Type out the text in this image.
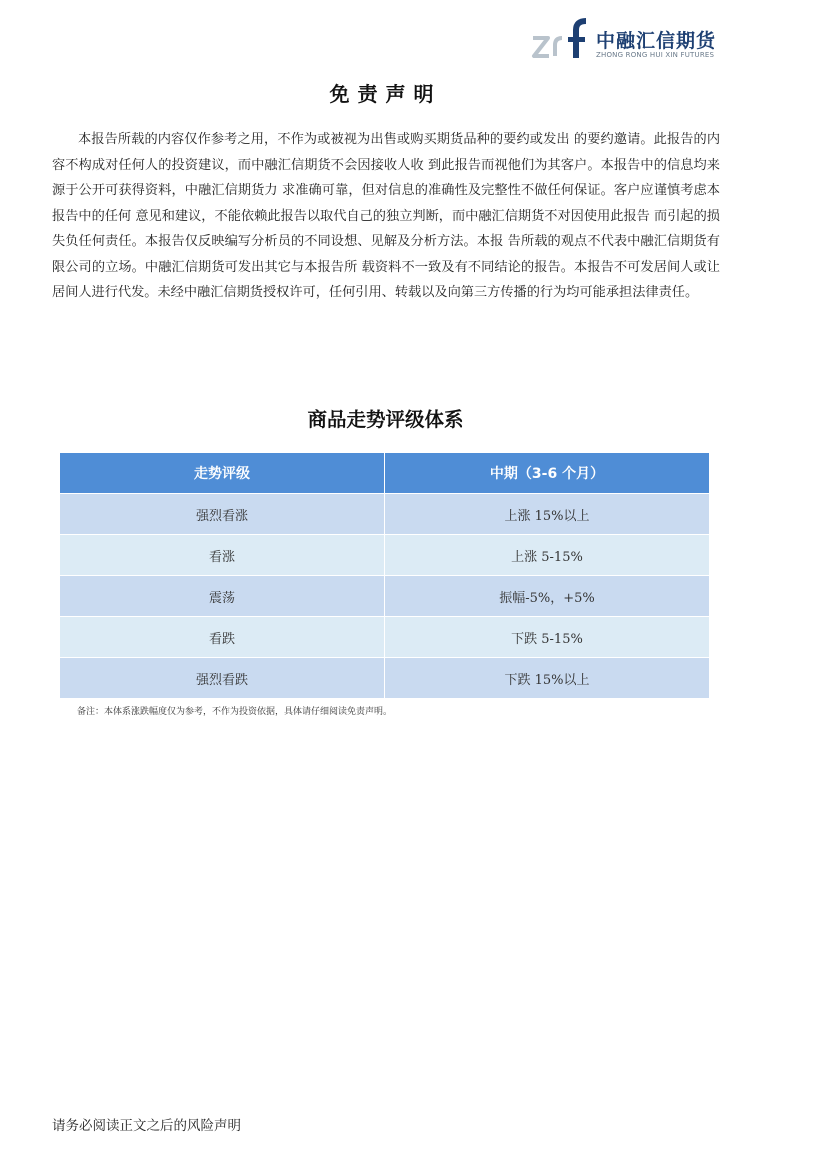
中融汇信期货
ZHONG RONG HUI XIN FUTURES
免责声明

本报告所载的内容仅作参考之用，不作为或被视为出售或购买期货品种的要约或发出 的要约邀请。此报告的内容不构成对任何人的投资建议，而中融汇信期货不会因接收人收 到此报告而视他们为其客户。本报告中的信息均来源于公开可获得资料，中融汇信期货力 求准确可靠，但对信息的准确性及完整性不做任何保证。客户应谨慎考虑本报告中的任何 意见和建议，不能依赖此报告以取代自己的独立判断，而中融汇信期货不对因使用此报告 而引起的损失负任何责任。本报告仅反映编写分析员的不同设想、见解及分析方法。本报 告所载的观点不代表中融汇信期货有限公司的立场。中融汇信期货可发出其它与本报告所 载资料不一致及有不同结论的报告。本报告不可发居间人或让居间人进行代发。未经中融汇信期货授权许可，任何引用、转载以及向第三方传播的行为均可能承担法律责任。

商品走势评级体系
走势评级	中期（3-6 个月）
强烈看涨	上涨 15%以上
看涨	上涨 5-15%
震荡	振幅-5%，+5%
看跌	下跌 5-15%
强烈看跌	下跌 15%以上
备注：本体系涨跌幅度仅为参考，不作为投资依据，具体请仔细阅读免责声明。
请务必阅读正文之后的风险声明
